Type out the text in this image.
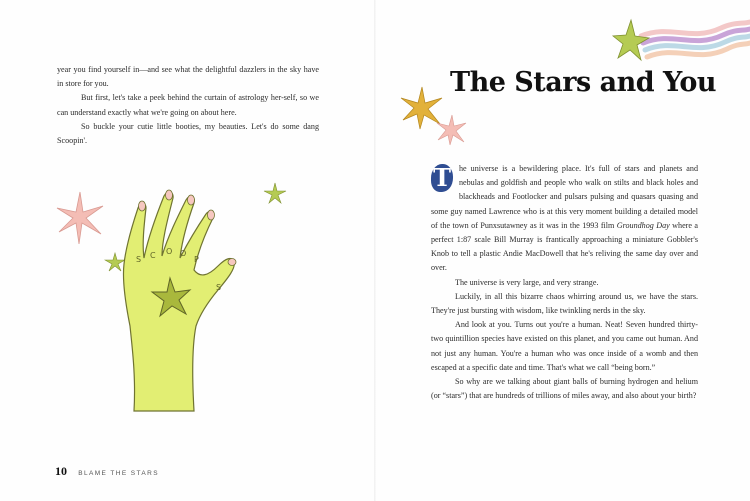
year you find yourself in—and see what the delightful dazzlers in the sky have in store for you.

But first, let's take a peek behind the curtain of astrology her-self, so we can understand exactly what we're going on about here.

So buckle your cutie little booties, my beauties. Let's do some dang Scoopin'.

S C O O
P
S
10 BLAME THE STARS
The Stars and You

T he universe is a bewildering place. It's full of stars and planets and nebulas and goldfish and people who walk on stilts and black holes and blackheads and Footlocker and pulsars pulsing and quasars quasing and some guy named Lawrence who is at this very moment building a detailed model of the town of Punxsutawney as it was in the 1993 film Groundhog Day where a perfect 1:87 scale Bill Murray is frantically approaching a miniature Gobbler's Knob to tell a plastic Andie MacDowell that he's reliving the same day over and over.

The universe is very large, and very strange.

Luckily, in all this bizarre chaos whirring around us, we have the stars. They're just bursting with wisdom, like twinkling nerds in the sky.

And look at you. Turns out you're a human. Neat! Seven hundred thirty-two quintillion species have existed on this planet, and you came out human. And not just any human. You're a human who was once inside of a womb and then escaped at a specific date and time. That's what we call “being born.”

So why are we talking about giant balls of burning hydrogen and helium (or “stars”) that are hundreds of trillions of miles away, and also about your birth?
